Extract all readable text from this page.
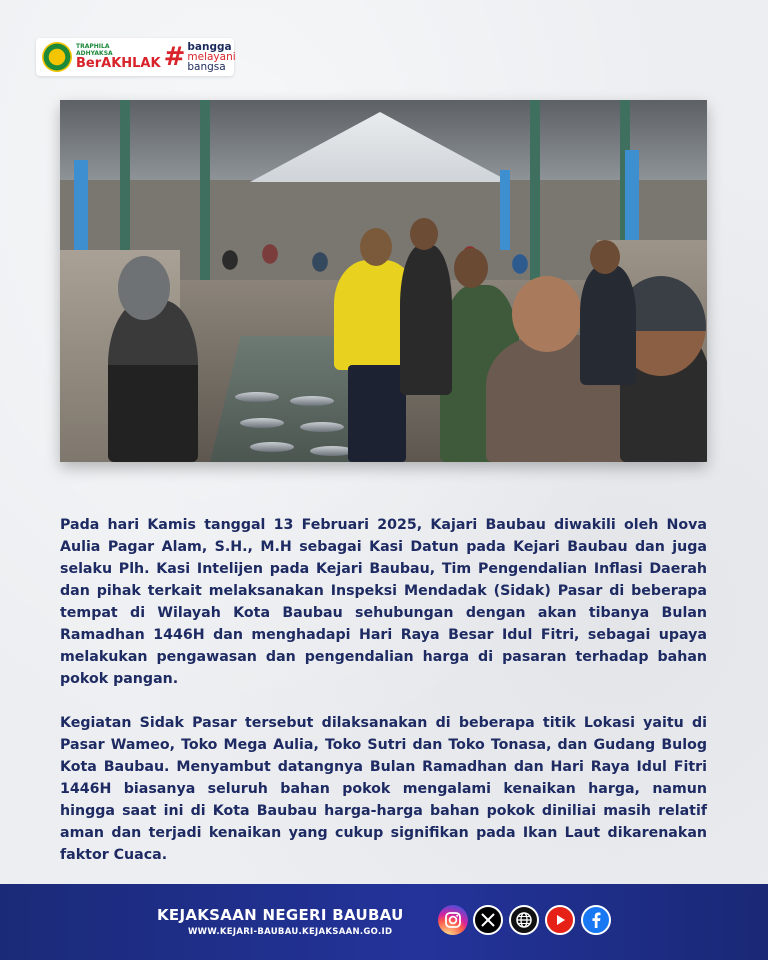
TRAPHILA
ADHYAKSA
BerAKHLAK # bangga
melayani
bangsa

Pada hari Kamis tanggal 13 Februari 2025, Kajari Baubau diwakili oleh Nova Aulia Pagar Alam, S.H., M.H sebagai Kasi Datun pada Kejari Baubau dan juga selaku Plh. Kasi Intelijen pada Kejari Baubau, Tim Pengendalian Inflasi Daerah dan pihak terkait melaksanakan Inspeksi Mendadak (Sidak) Pasar di beberapa tempat di Wilayah Kota Baubau sehubungan dengan akan tibanya Bulan Ramadhan 1446H dan menghadapi Hari Raya Besar Idul Fitri, sebagai upaya melakukan pengawasan dan pengendalian harga di pasaran terhadap bahan pokok pangan.

Kegiatan Sidak Pasar tersebut dilaksanakan di beberapa titik Lokasi yaitu di Pasar Wameo, Toko Mega Aulia, Toko Sutri dan Toko Tonasa, dan Gudang Bulog Kota Baubau. Menyambut datangnya Bulan Ramadhan dan Hari Raya Idul Fitri 1446H biasanya seluruh bahan pokok mengalami kenaikan harga, namun hingga saat ini di Kota Baubau harga-harga bahan pokok diniliai masih relatif aman dan terjadi kenaikan yang cukup signifikan pada Ikan Laut dikarenakan faktor Cuaca.

KEJAKSAAN NEGERI BAUBAU
WWW.KEJARI-BAUBAU.KEJAKSAAN.GO.ID
